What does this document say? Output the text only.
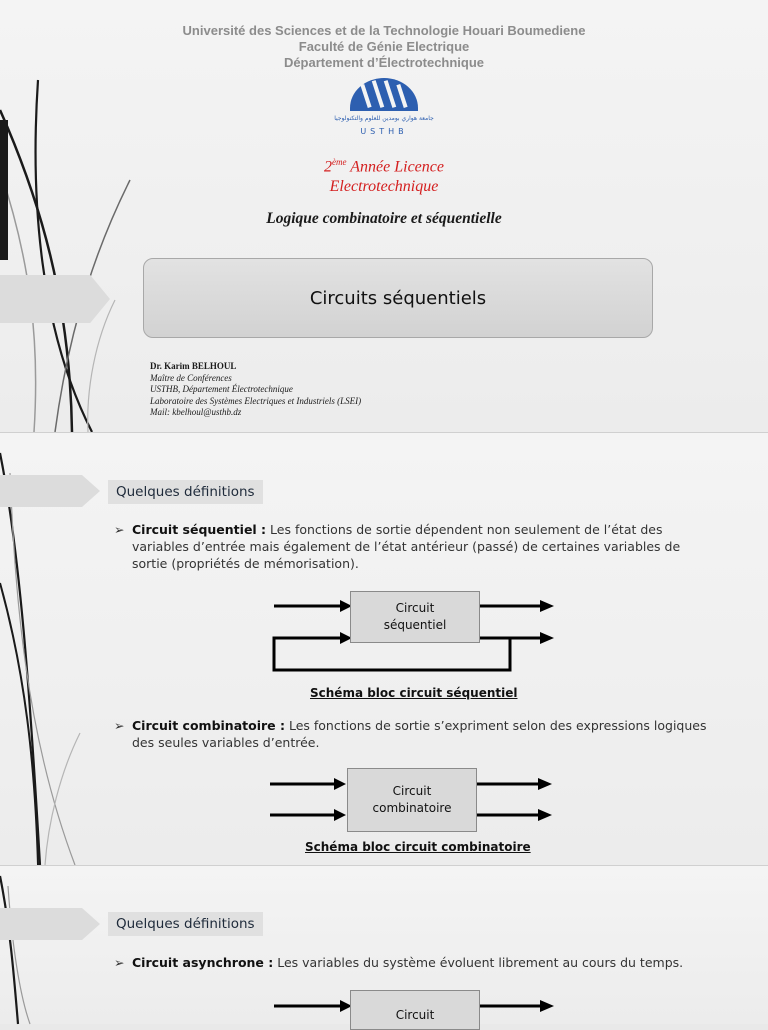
Université des Sciences et de la Technologie Houari Boumediene
Faculté de Génie Electrique
Département d’Électrotechnique
جامعة هواري بومدين للعلوم والتكنولوجيا
USTHB
2ème Année Licence
Electrotechnique
Logique combinatoire et séquentielle
Circuits séquentiels
Dr. Karim BELHOUL
Maître de Conférences
USTHB, Département Électrotechnique
Laboratoire des Systèmes Electriques et Industriels (LSEI)
Mail: kbelhoul@usthb.dz
Quelques définitions
➢ Circuit séquentiel : Les fonctions de sortie dépendent non seulement de l’état des variables d’entrée mais également de l’état antérieur (passé) de certaines variables de sortie (propriétés de mémorisation).
Circuit
séquentiel
Schéma bloc circuit séquentiel
➢ Circuit combinatoire : Les fonctions de sortie s’expriment selon des expressions logiques des seules variables d’entrée.
Circuit
combinatoire
Schéma bloc circuit combinatoire
Quelques définitions
➢ Circuit asynchrone : Les variables du système évoluent librement au cours du temps.
Circuit
